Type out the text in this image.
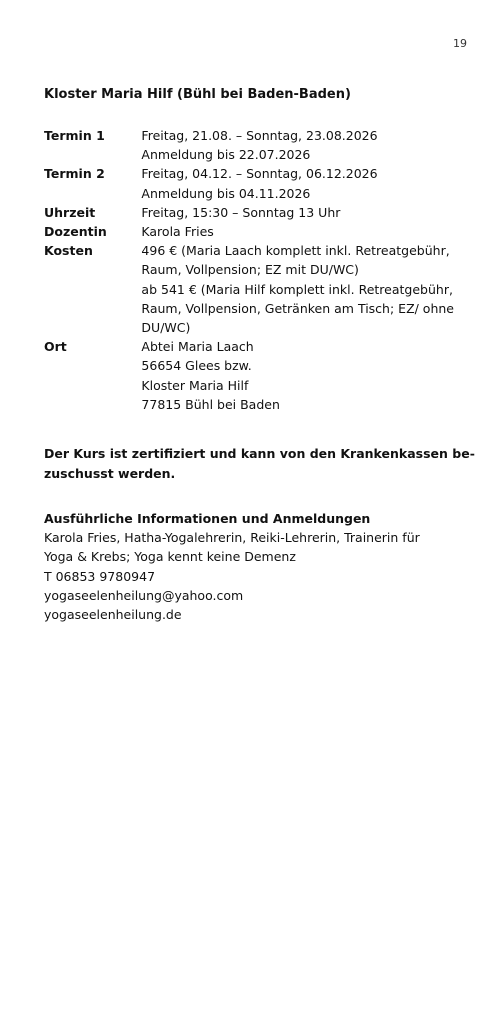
19

Kloster Maria Hilf (Bühl bei Baden-Baden)

Termin 1	Freitag, 21.08. – Sonntag, 23.08.2026
Anmeldung bis 22.07.2026

Termin 2	Freitag, 04.12. – Sonntag, 06.12.2026
Anmeldung bis 04.11.2026

Uhrzeit	Freitag, 15:30 – Sonntag 13 Uhr

Dozentin	Karola Fries

Kosten	496 € (Maria Laach komplett inkl. Retreatgebühr,
Raum, Vollpension; EZ mit DU/WC)
ab 541 € (Maria Hilf komplett inkl. Retreatgebühr,
Raum, Vollpension, Getränken am Tisch; EZ/ ohne
DU/WC)

Ort	Abtei Maria Laach
56654 Glees bzw.
Kloster Maria Hilf
77815 Bühl bei Baden
Der Kurs ist zertifiziert und kann von den Krankenkassen be-
zuschusst werden.
Ausführliche Informationen und Anmeldungen
Karola Fries, Hatha-Yogalehrerin, Reiki-Lehrerin, Trainerin für
Yoga & Krebs; Yoga kennt keine Demenz
T 06853 9780947
yogaseelenheilung@yahoo.com
yogaseelenheilung.de
